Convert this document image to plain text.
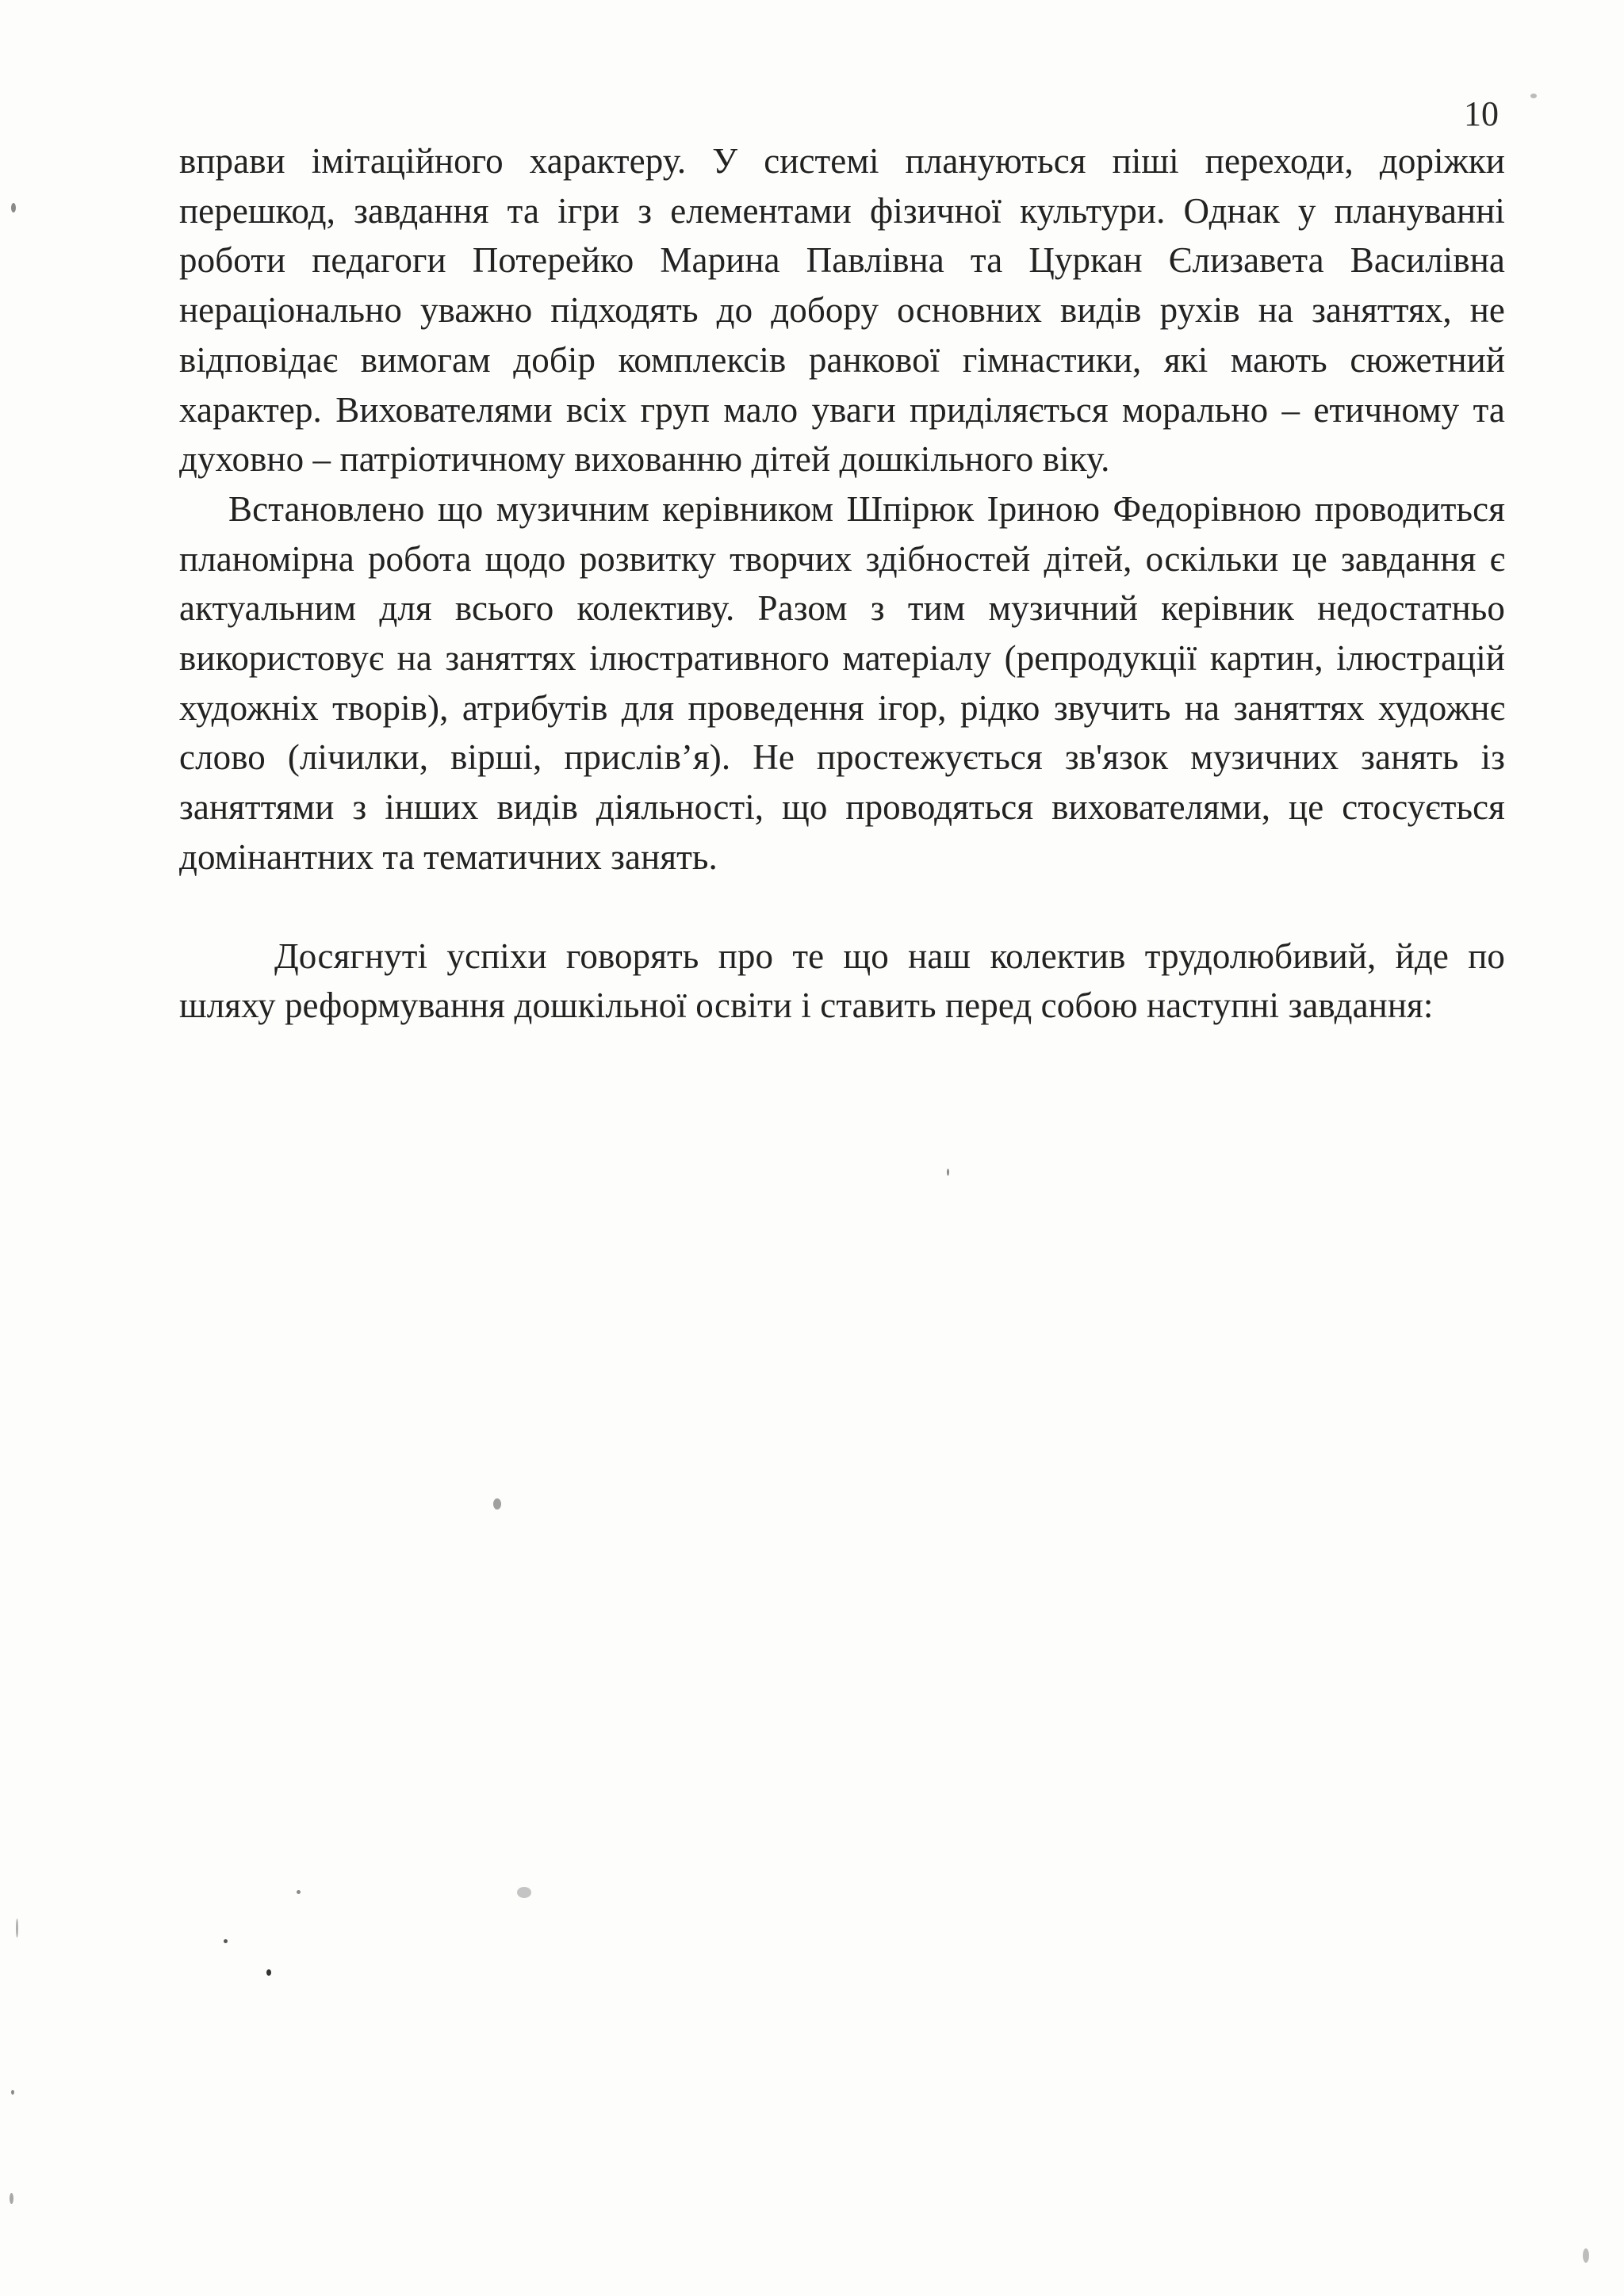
10

вправи імітаційного характеру. У системі плануються піші переходи, доріжки перешкод, завдання та ігри з елементами фізичної культури. Однак у плануванні роботи педагоги Потерейко Марина Павлівна та Цуркан Єлизавета Василівна нераціонально уважно підходять до добору основних видів рухів на заняттях, не відповідає вимогам добір комплексів ранкової гімнастики, які мають сюжетний характер. Вихователями всіх груп мало уваги приділяється морально – етичному та духовно – патріотичному вихованню дітей дошкільного віку.

Встановлено що музичним керівником Шпірюк Іриною Федорівною проводиться планомірна робота щодо розвитку творчих здібностей дітей, оскільки це завдання є актуальним для всього колективу. Разом з тим музичний керівник недостатньо використовує на заняттях ілюстративного матеріалу (репродукції картин, ілюстрацій художніх творів), атрибутів для проведення ігор, рідко звучить на заняттях художнє слово (лічилки, вірші, прислів’я). Не простежується зв'язок музичних занять із заняттями з інших видів діяльності, що проводяться вихователями, це стосується домінантних та тематичних занять.

Досягнуті успіхи говорять про те що наш колектив трудолюбивий, йде по шляху реформування дошкільної освіти і ставить перед собою наступні завдання:
